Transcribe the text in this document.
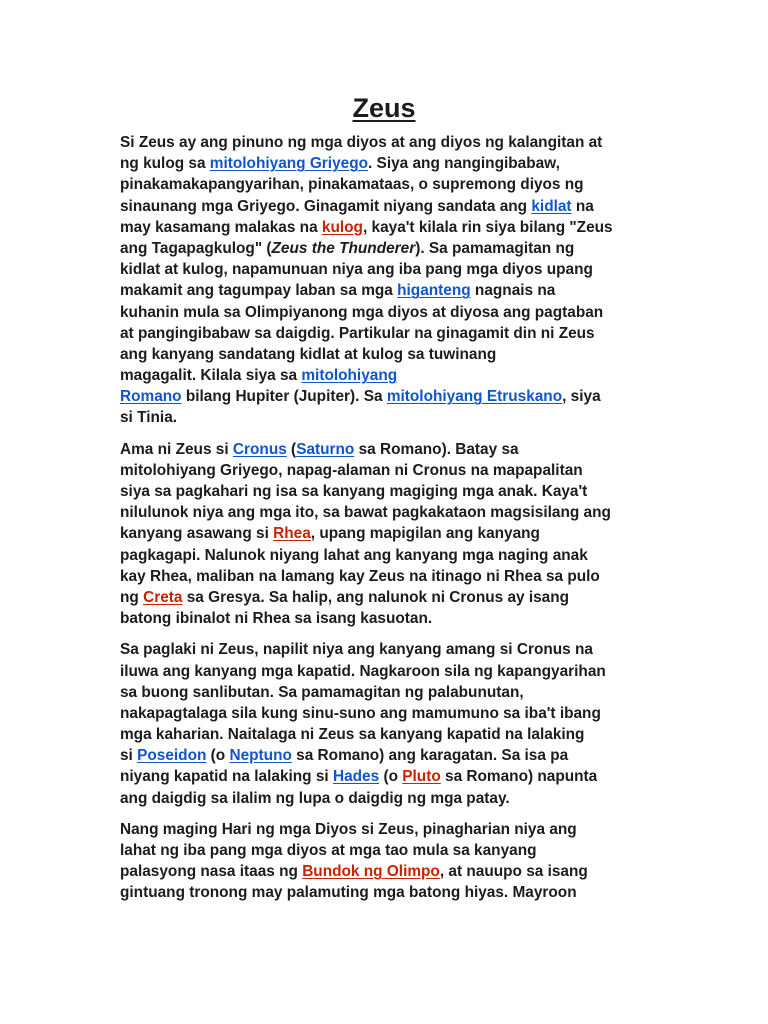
Zeus

Si Zeus ay ang pinuno ng mga diyos at ang diyos ng kalangitan at
ng kulog sa mitolohiyang Griyego. Siya ang nangingibabaw,
pinakamakapangyarihan, pinakamataas, o supremong diyos ng
sinaunang mga Griyego. Ginagamit niyang sandata ang kidlat na
may kasamang malakas na kulog, kaya't kilala rin siya bilang "Zeus
ang Tagapagkulog" (Zeus the Thunderer). Sa pamamagitan ng
kidlat at kulog, napamunuan niya ang iba pang mga diyos upang
makamit ang tagumpay laban sa mga higanteng nagnais na
kuhanin mula sa Olimpiyanong mga diyos at diyosa ang pagtaban
at pangingibabaw sa daigdig. Partikular na ginagamit din ni Zeus
ang kanyang sandatang kidlat at kulog sa tuwinang
magagalit. Kilala siya sa mitolohiyang
Romano bilang Hupiter (Jupiter). Sa mitolohiyang Etruskano, siya
si Tinia.

Ama ni Zeus si Cronus (Saturno sa Romano). Batay sa
mitolohiyang Griyego, napag-alaman ni Cronus na mapapalitan
siya sa pagkahari ng isa sa kanyang magiging mga anak. Kaya't
nilulunok niya ang mga ito, sa bawat pagkakataon magsisilang ang
kanyang asawang si Rhea, upang mapigilan ang kanyang
pagkagapi. Nalunok niyang lahat ang kanyang mga naging anak
kay Rhea, maliban na lamang kay Zeus na itinago ni Rhea sa pulo
ng Creta sa Gresya. Sa halip, ang nalunok ni Cronus ay isang
batong ibinalot ni Rhea sa isang kasuotan.

Sa paglaki ni Zeus, napilit niya ang kanyang amang si Cronus na
iluwa ang kanyang mga kapatid. Nagkaroon sila ng kapangyarihan
sa buong sanlibutan. Sa pamamagitan ng palabunutan,
nakapagtalaga sila kung sinu-suno ang mamumuno sa iba't ibang
mga kaharian. Naitalaga ni Zeus sa kanyang kapatid na lalaking
si Poseidon (o Neptuno sa Romano) ang karagatan. Sa isa pa
niyang kapatid na lalaking si Hades (o Pluto sa Romano) napunta
ang daigdig sa ilalim ng lupa o daigdig ng mga patay.

Nang maging Hari ng mga Diyos si Zeus, pinagharian niya ang
lahat ng iba pang mga diyos at mga tao mula sa kanyang
palasyong nasa itaas ng Bundok ng Olimpo, at nauupo sa isang
gintuang tronong may palamuting mga batong hiyas. Mayroon
